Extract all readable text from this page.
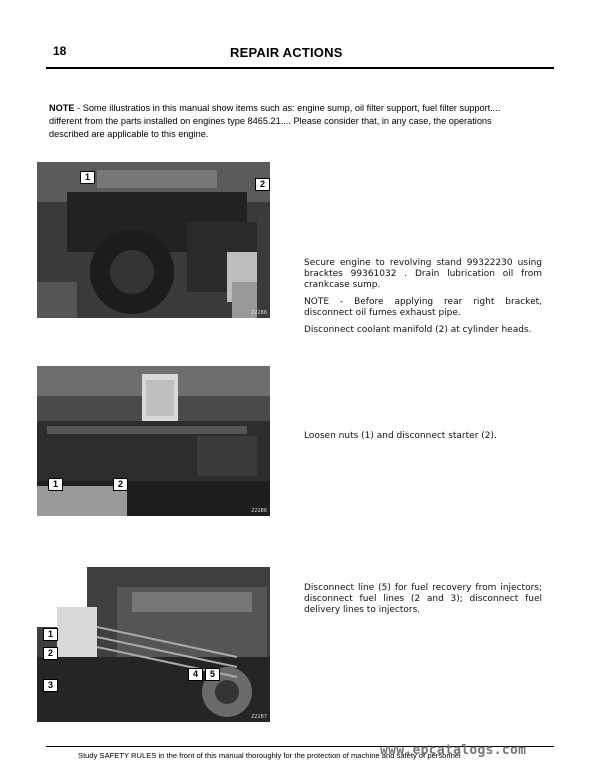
18	REPAIR ACTIONS
NOTE - Some illustratios in this manual show items such as: engine sump, oil filter support, fuel filter support.... different from the parts installed on engines type 8465.21.... Please consider that, in any case, the operations described are applicable to this engine.
1
2
22286
1	2
22286
1
2
3
4	5
22287

Secure engine to revolving stand 99322230 using bracktes 99361032 . Drain lubrication oil from crankcase sump.

NOTE - Before applying rear right bracket, disconnect oil fumes exhaust pipe.

Disconnect coolant manifold (2) at cylinder heads.

Loosen nuts (1) and disconnect starter (2).

Disconnect line (5) for fuel recovery from injectors; disconnect fuel lines (2 and 3); disconnect fuel delivery lines to injectors.

Study SAFETY RULES in the front of this manual thoroughly for the protection of machine and safety of personnel
www.epcatalogs.com
